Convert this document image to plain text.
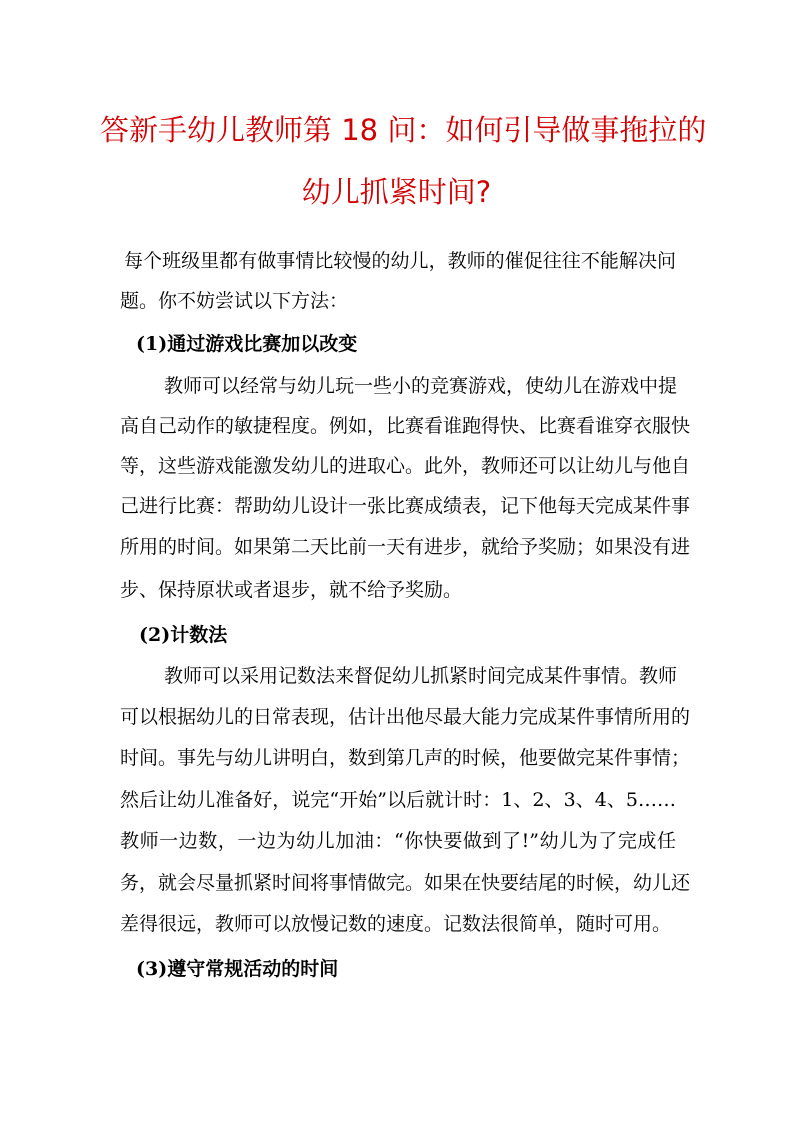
答新手幼儿教师第 18 问：如何引导做事拖拉的
幼儿抓紧时间?
每个班级里都有做事情比较慢的幼儿，教师的催促往往不能解决问
题。你不妨尝试以下方法：
(1)通过游戏比赛加以改变
教师可以经常与幼儿玩一些小的竞赛游戏，使幼儿在游戏中提
高自己动作的敏捷程度。例如，比赛看谁跑得快、比赛看谁穿衣服快
等，这些游戏能激发幼儿的进取心。此外，教师还可以让幼儿与他自
己进行比赛：帮助幼儿设计一张比赛成绩表，记下他每天完成某件事
所用的时间。如果第二天比前一天有进步，就给予奖励；如果没有进
步、保持原状或者退步，就不给予奖励。
(2)计数法
教师可以采用记数法来督促幼儿抓紧时间完成某件事情。教师
可以根据幼儿的日常表现，估计出他尽最大能力完成某件事情所用的
时间。事先与幼儿讲明白，数到第几声的时候，他要做完某件事情；
然后让幼儿准备好，说完“开始”以后就计时：1、2、3、4、5……
教师一边数，一边为幼儿加油：“你快要做到了!”幼儿为了完成任
务，就会尽量抓紧时间将事情做完。如果在快要结尾的时候，幼儿还
差得很远，教师可以放慢记数的速度。记数法很简单，随时可用。
(3)遵守常规活动的时间
